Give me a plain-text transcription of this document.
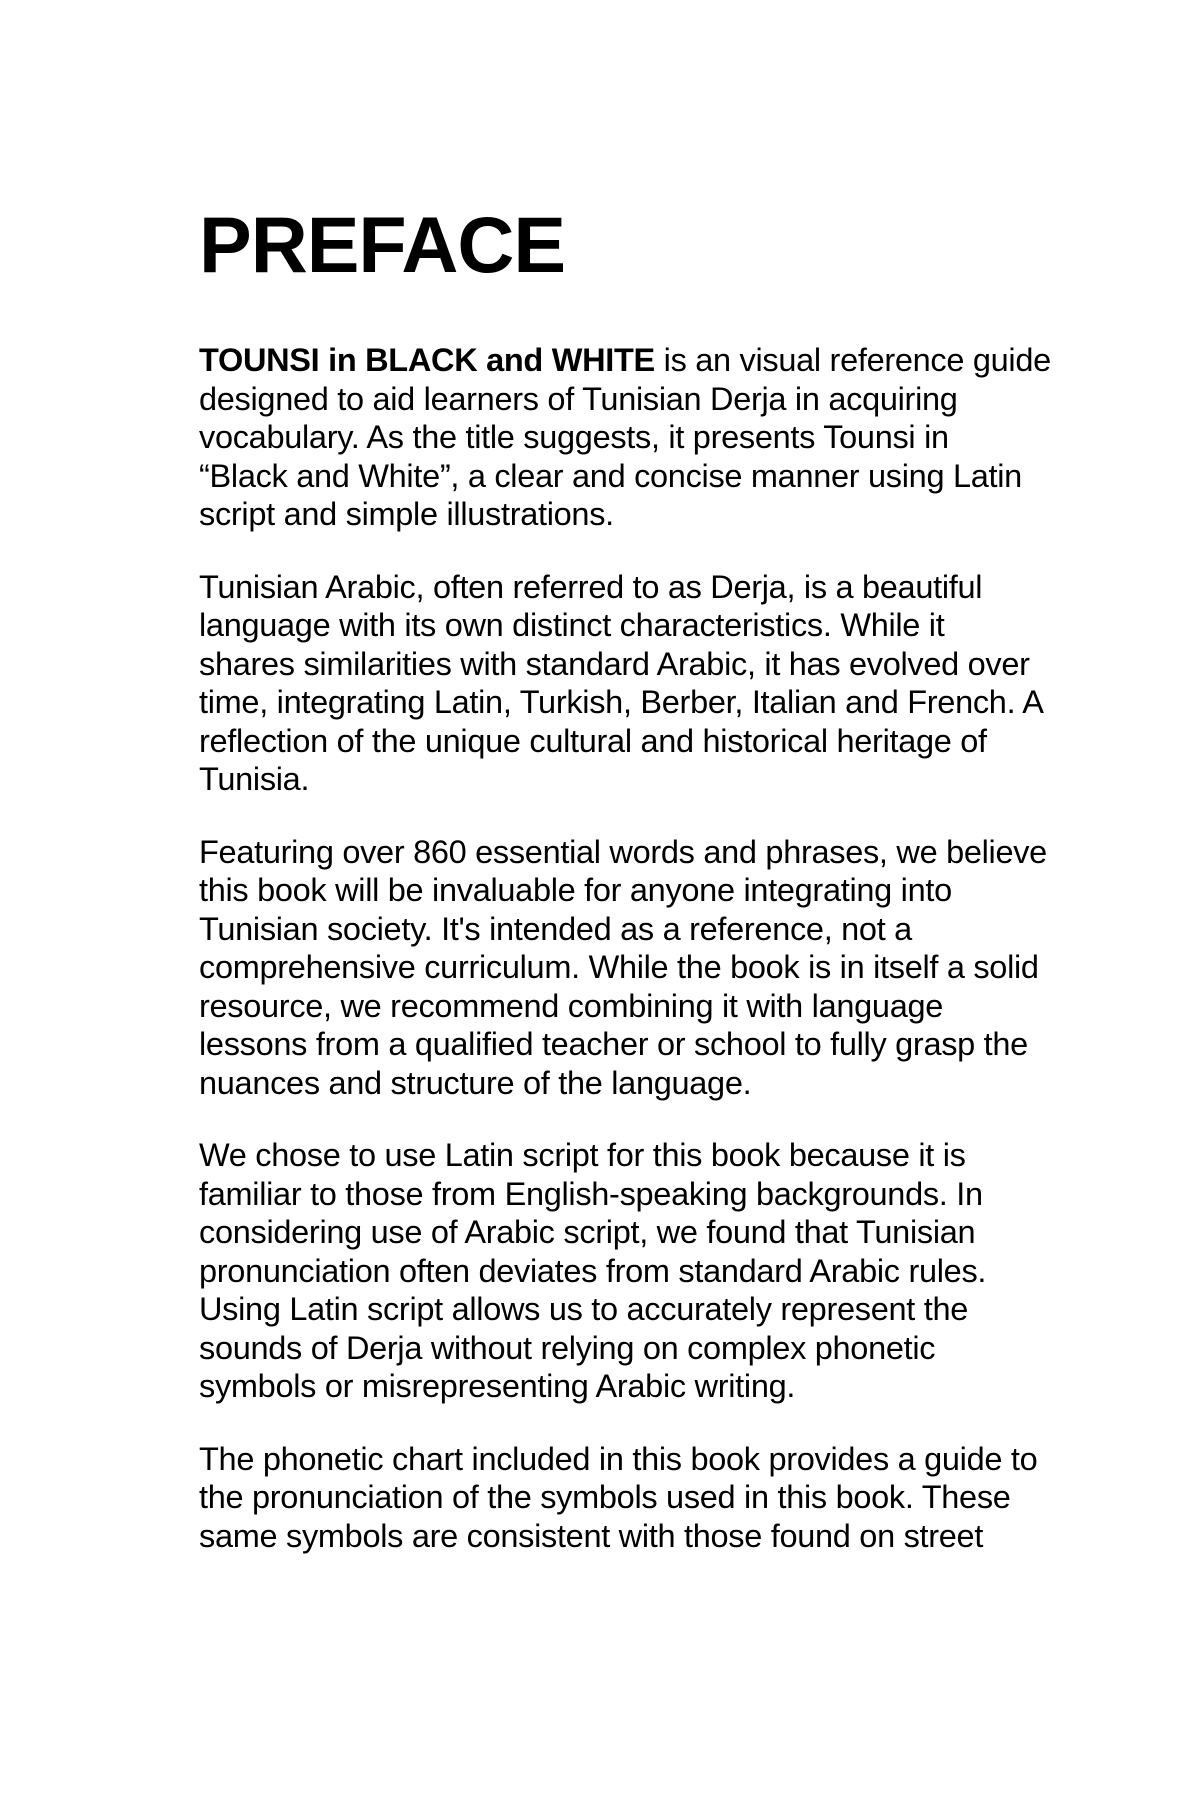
PREFACE

TOUNSI in BLACK and WHITE is an visual reference guide
designed to aid learners of Tunisian Derja in acquiring
vocabulary. As the title suggests, it presents Tounsi in
“Black and White”, a clear and concise manner using Latin
script and simple illustrations.

Tunisian Arabic, often referred to as Derja, is a beautiful
language with its own distinct characteristics. While it
shares similarities with standard Arabic, it has evolved over
time, integrating Latin, Turkish, Berber, Italian and French. A
reflection of the unique cultural and historical heritage of
Tunisia.

Featuring over 860 essential words and phrases, we believe
this book will be invaluable for anyone integrating into
Tunisian society. It's intended as a reference, not a
comprehensive curriculum. While the book is in itself a solid
resource, we recommend combining it with language
lessons from a qualified teacher or school to fully grasp the
nuances and structure of the language.

We chose to use Latin script for this book because it is
familiar to those from English-speaking backgrounds. In
considering use of Arabic script, we found that Tunisian
pronunciation often deviates from standard Arabic rules.
Using Latin script allows us to accurately represent the
sounds of Derja without relying on complex phonetic
symbols or misrepresenting Arabic writing.

The phonetic chart included in this book provides a guide to
the pronunciation of the symbols used in this book. These
same symbols are consistent with those found on street
